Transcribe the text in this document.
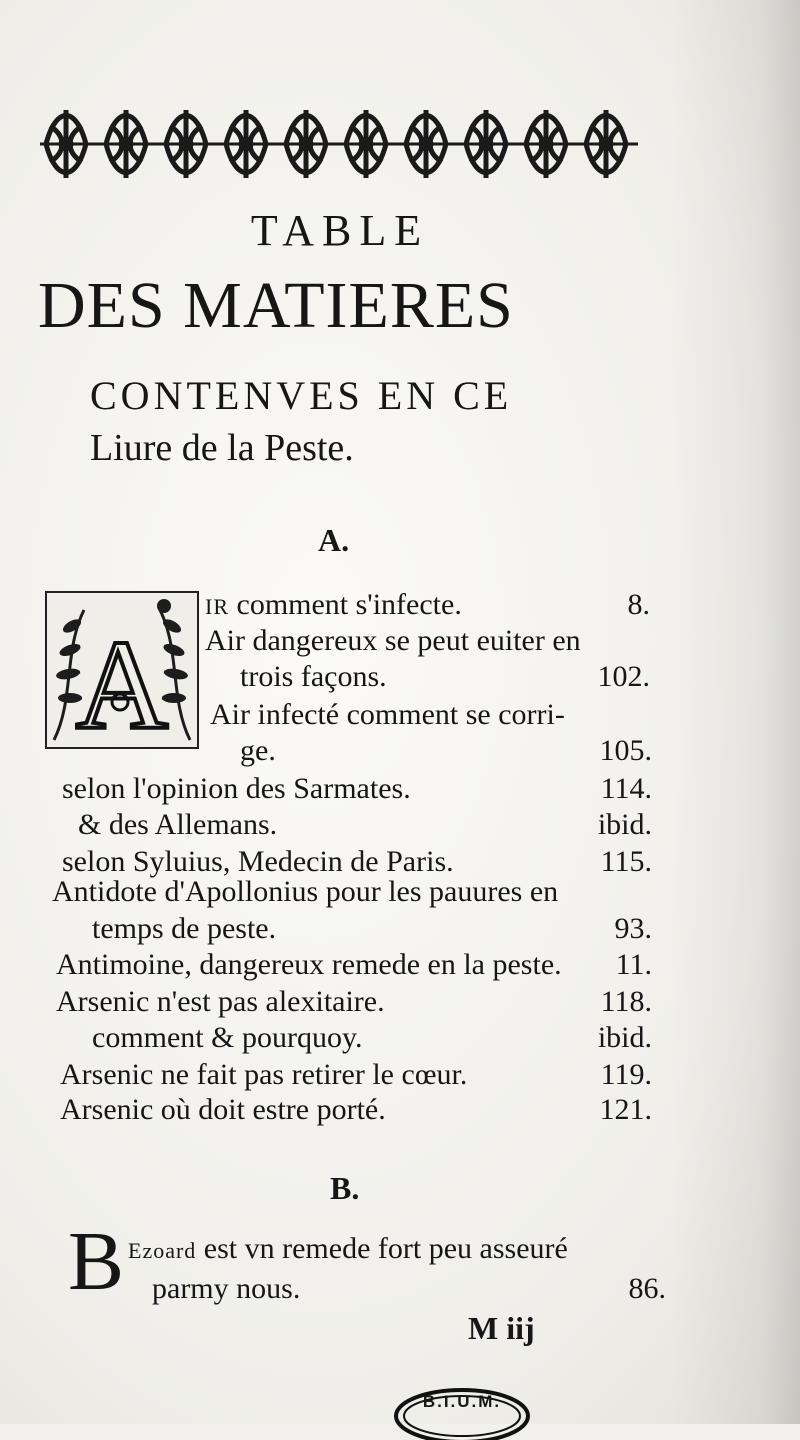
TABLE
DES MATIERES
CONTENVES EN CE
Liure de la Peste.
A.
A
IR comment s'infecte.	8.
Air dangereux se peut euiter en
trois façons.	102.
Air infecté comment se corri-
ge.	105.
selon l'opinion des Sarmates.	114.
& des Allemans.	ibid.
selon Syluius, Medecin de Paris.	115.
Antidote d'Apollonius pour les pauures en
temps de peste.	93.
Antimoine, dangereux remede en la peste. 11.
Arsenic n'est pas alexitaire.	118.
comment & pourquoy.	ibid.
Arsenic ne fait pas retirer le cœur.	119.
Arsenic où doit estre porté.	121.
B.
B Ezoard est vn remede fort peu asseuré
parmy nous.	86.
M iij
B.I.U.M.
